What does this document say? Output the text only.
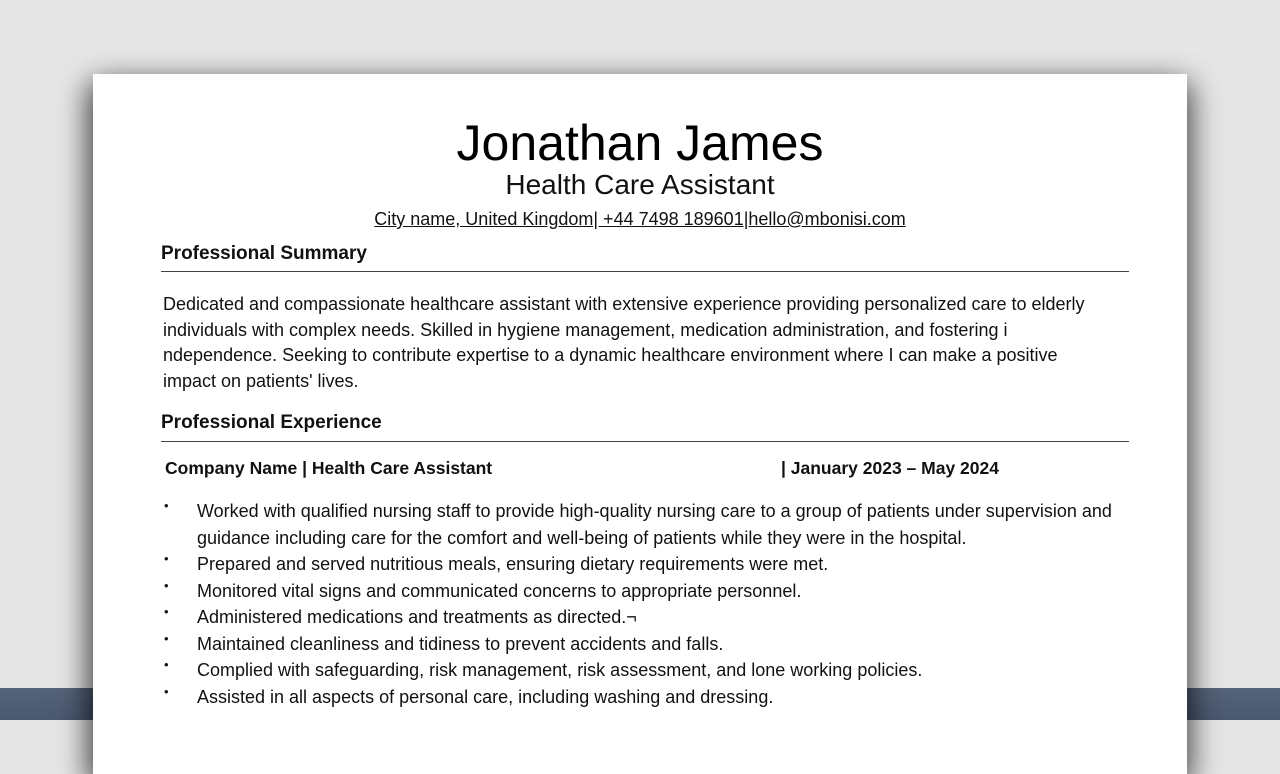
Jonathan James
Health Care Assistant
City name, United Kingdom| +44 7498 189601|hello@mbonisi.com
Professional Summary
Dedicated and compassionate healthcare assistant with extensive experience providing personalized care to elderly
individuals with complex needs. Skilled in hygiene management, medication administration, and fostering i
ndependence. Seeking to contribute expertise to a dynamic healthcare environment where I can make a positive
impact on patients' lives.
Professional Experience
Company Name | Health Care Assistant	| January 2023 – May 2024
• Worked with qualified nursing staff to provide high-quality nursing care to a group of patients under supervision and guidance including care for the comfort and well-being of patients while they were in the hospital.
• Prepared and served nutritious meals, ensuring dietary requirements were met.
• Monitored vital signs and communicated concerns to appropriate personnel.
• Administered medications and treatments as directed.¬
• Maintained cleanliness and tidiness to prevent accidents and falls.
• Complied with safeguarding, risk management, risk assessment, and lone working policies.
• Assisted in all aspects of personal care, including washing and dressing.
